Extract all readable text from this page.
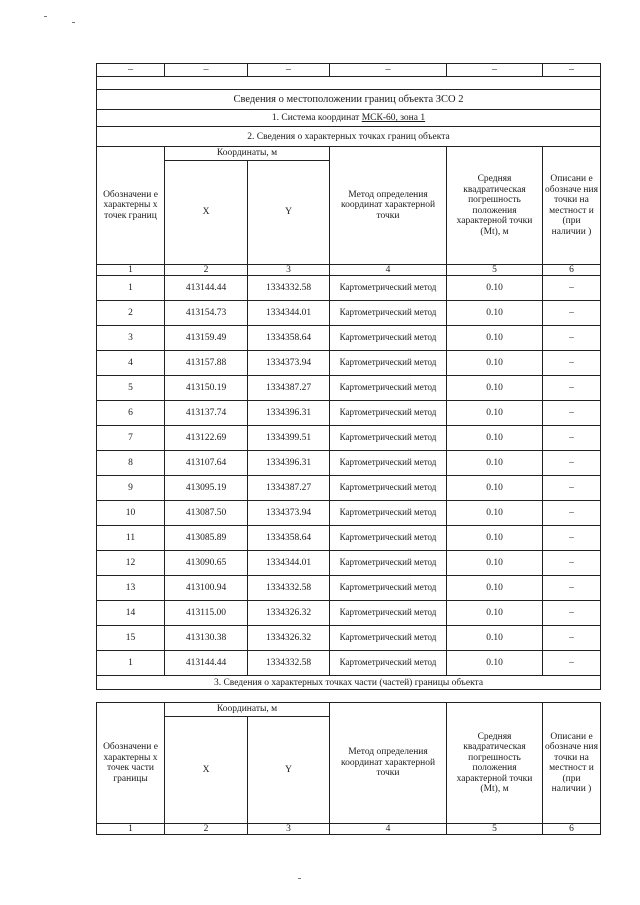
–	–	–	–	–	–

Сведения о местоположении границ объекта ЗСО 2					
1. Система координат МСК-60, зона 1					
2. Сведения о характерных точках границ объекта					
Обозначени е характерны х точек границ	Координаты, м		Метод определения координат характерной точки	Средняя квадратическая погрешность положения характерной точки (Mt), м	Описани е обозначе ния точки на местност и (при наличии )
	X	Y			
1	2	3	4	5	6
1	413144.44	1334332.58	Картометрический метод	0.10	–
2	413154.73	1334344.01	Картометрический метод	0.10	–
3	413159.49	1334358.64	Картометрический метод	0.10	–
4	413157.88	1334373.94	Картометрический метод	0.10	–
5	413150.19	1334387.27	Картометрический метод	0.10	–
6	413137.74	1334396.31	Картометрический метод	0.10	–
7	413122.69	1334399.51	Картометрический метод	0.10	–
8	413107.64	1334396.31	Картометрический метод	0.10	–
9	413095.19	1334387.27	Картометрический метод	0.10	–
10	413087.50	1334373.94	Картометрический метод	0.10	–
11	413085.89	1334358.64	Картометрический метод	0.10	–
12	413090.65	1334344.01	Картометрический метод	0.10	–
13	413100.94	1334332.58	Картометрический метод	0.10	–
14	413115.00	1334326.32	Картометрический метод	0.10	–
15	413130.38	1334326.32	Картометрический метод	0.10	–
1	413144.44	1334332.58	Картометрический метод	0.10	–
3. Сведения о характерных точках части (частей) границы объекта					
Обозначени е характерны х точек части границы	Координаты, м		Метод определения координат характерной точки	Средняя квадратическая погрешность положения характерной точки (Mt), м	Описани е обозначе ния точки на местност и (при наличии )
	X	Y			
1	2	3	4	5	6
